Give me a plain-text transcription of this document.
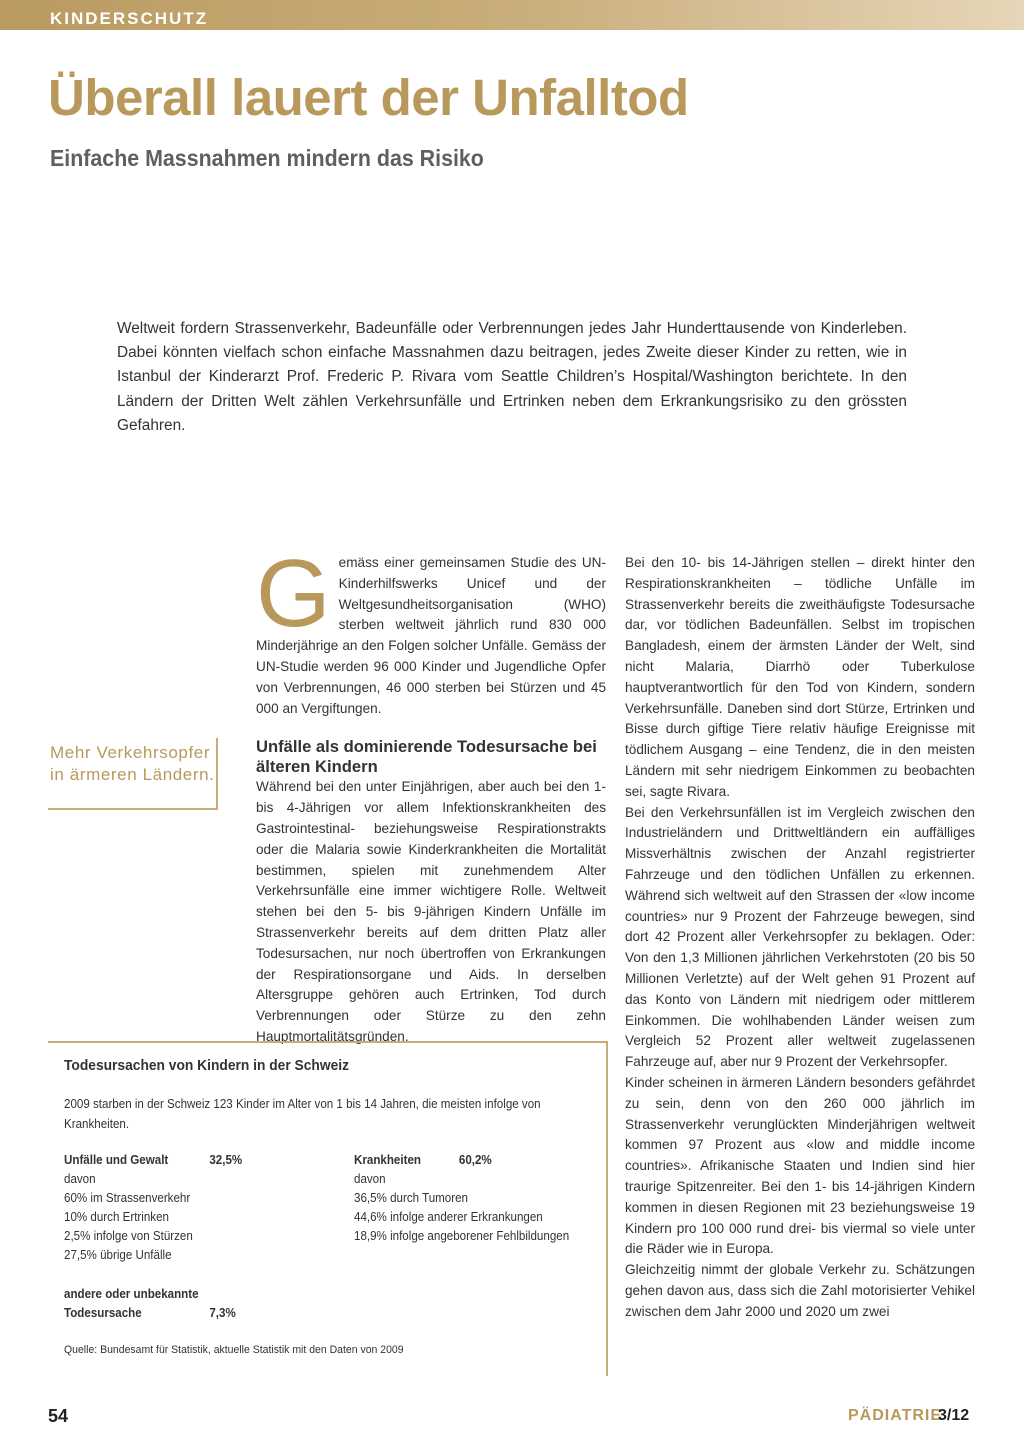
KINDERSCHUTZ

Überall lauert der Unfalltod
Einfache Massnahmen mindern das Risiko

Weltweit fordern Strassenverkehr, Badeunfälle oder Verbrennungen jedes Jahr Hunderttausende von Kinderleben. Dabei könnten vielfach schon einfache Massnahmen dazu beitragen, jedes Zweite dieser Kinder zu retten, wie in Istanbul der Kinderarzt Prof. Frederic P. Rivara vom Seattle Children’s Hospital/Washington berichtete. In den Ländern der Dritten Welt zählen Verkehrsunfälle und Ertrinken neben dem Erkrankungsrisiko zu den grössten Gefahren.

Mehr Verkehrsopfer in ärmeren Ländern.

G emäss einer gemeinsamen Studie des UN-Kinderhilfswerks Unicef und der Weltgesundheitsorganisation (WHO) sterben weltweit jährlich rund 830 000 Minderjährige an den Folgen solcher Unfälle. Gemäss der UN-Studie werden 96 000 Kinder und Jugendliche Opfer von Verbrennungen, 46 000 sterben bei Stürzen und 45 000 an Vergiftungen.

Unfälle als dominierende Todesursache bei älteren Kindern

Während bei den unter Einjährigen, aber auch bei den 1- bis 4-Jährigen vor allem Infektionskrankheiten des Gastrointestinal- beziehungsweise Respirationstrakts oder die Malaria sowie Kinderkrankheiten die Mortalität bestimmen, spielen mit zunehmendem Alter Verkehrsunfälle eine immer wichtigere Rolle. Weltweit stehen bei den 5- bis 9-jährigen Kindern Unfälle im Strassenverkehr bereits auf dem dritten Platz aller Todesursachen, nur noch übertroffen von Erkrankungen der Respirationsorgane und Aids. In derselben Altersgruppe gehören auch Ertrinken, Tod durch Verbrennungen oder Stürze zu den zehn Hauptmortalitätsgründen.

Bei den 10- bis 14-Jährigen stellen – direkt hinter den Respirationskrankheiten – tödliche Unfälle im Strassenverkehr bereits die zweithäufigste Todesursache dar, vor tödlichen Badeunfällen. Selbst im tropischen Bangladesh, einem der ärmsten Länder der Welt, sind nicht Malaria, Diarrhö oder Tuberkulose hauptverantwortlich für den Tod von Kindern, sondern Verkehrsunfälle. Daneben sind dort Stürze, Ertrinken und Bisse durch giftige Tiere relativ häufige Ereignisse mit tödlichem Ausgang – eine Tendenz, die in den meisten Ländern mit sehr niedrigem Einkommen zu beobachten sei, sagte Rivara.

Bei den Verkehrsunfällen ist im Vergleich zwischen den Industrieländern und Drittweltländern ein auffälliges Missverhältnis zwischen der Anzahl registrierter Fahrzeuge und den tödlichen Unfällen zu erkennen. Während sich weltweit auf den Strassen der «low income countries» nur 9 Prozent der Fahrzeuge bewegen, sind dort 42 Prozent aller Verkehrsopfer zu beklagen. Oder: Von den 1,3 Millionen jährlichen Verkehrstoten (20 bis 50 Millionen Verletzte) auf der Welt gehen 91 Prozent auf das Konto von Ländern mit niedrigem oder mittlerem Einkommen. Die wohlhabenden Länder weisen zum Vergleich 52 Prozent aller weltweit zugelassenen Fahrzeuge auf, aber nur 9 Prozent der Verkehrsopfer.

Kinder scheinen in ärmeren Ländern besonders gefährdet zu sein, denn von den 260 000 jährlich im Strassenverkehr verunglückten Minderjährigen weltweit kommen 97 Prozent aus «low and middle income countries». Afrikanische Staaten und Indien sind hier traurige Spitzenreiter. Bei den 1- bis 14-jährigen Kindern kommen in diesen Regionen mit 23 beziehungsweise 19 Kindern pro 100 000 rund drei- bis viermal so viele unter die Räder wie in Europa.

Gleichzeitig nimmt der globale Verkehr zu. Schätzungen gehen davon aus, dass sich die Zahl motorisierter Vehikel zwischen dem Jahr 2000 und 2020 um zwei

Todesursachen von Kindern in der Schweiz

2009 starben in der Schweiz 123 Kinder im Alter von 1 bis 14 Jahren, die meisten infolge von Krankheiten.

Unfälle und Gewalt	32,5%
davon
60% im Strassenverkehr
10% durch Ertrinken
2,5% infolge von Stürzen
27,5% übrige Unfälle
andere oder unbekannte
Todesursache	7,3%
Krankheiten	60,2%
davon
36,5% durch Tumoren
44,6% infolge anderer Erkrankungen
18,9% infolge angeborener Fehlbildungen

Quelle: Bundesamt für Statistik, aktuelle Statistik mit den Daten von 2009

54	PÄDIATRIE

3/12
